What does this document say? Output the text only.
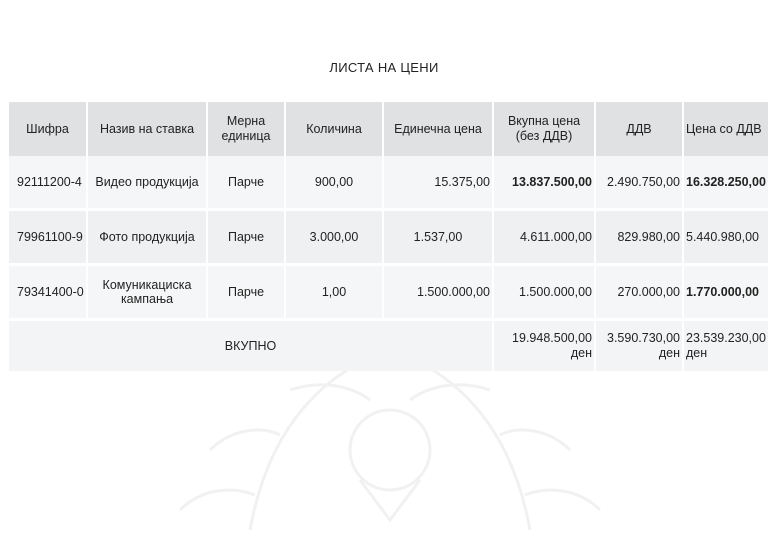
ЛИСТА НА ЦЕНИ
Шифра	Назив на ставка	Мерна единица	Количина	Единечна цена	Вкупна цена (без ДДВ)	ДДВ	Цена со ДДВ
92111200-4	Видео продукција	Парче	900,00	15.375,00	13.837.500,00	2.490.750,00	16.328.250,00
79961100-9	Фото продукција	Парче	3.000,00	1.537,00	4.611.000,00	829.980,00	5.440.980,00
79341400-0	Комуникациска кампања	Парче	1,00	1.500.000,00	1.500.000,00	270.000,00	1.770.000,00
ВКУПНО					19.948.500,00 ден	3.590.730,00 ден	23.539.230,00 ден
